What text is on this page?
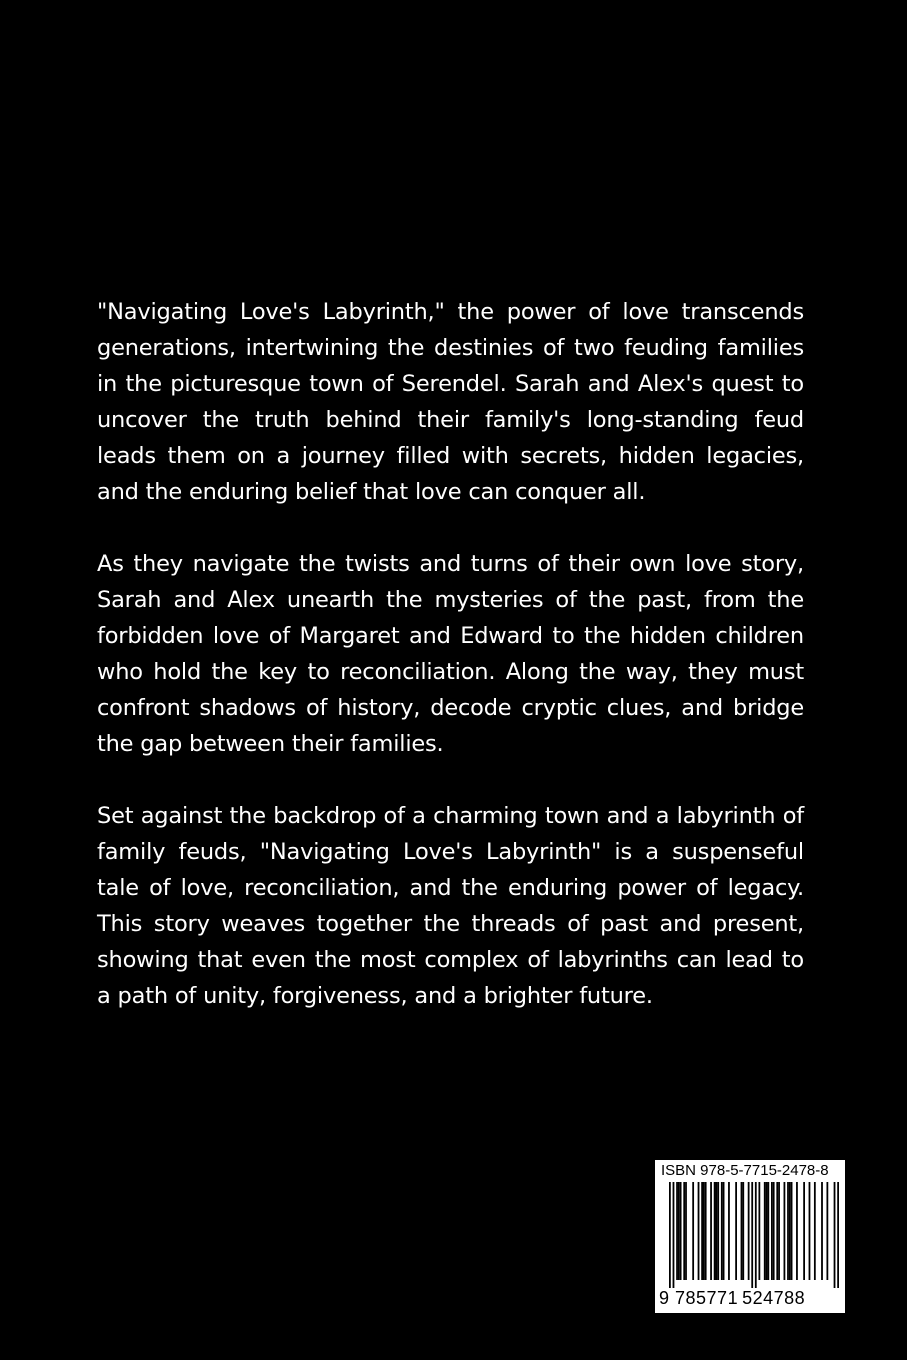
"Navigating Love's Labyrinth," the power of love transcends generations, intertwining the destinies of two feuding families in the picturesque town of Serendel. Sarah and Alex's quest to uncover the truth behind their family's long-standing feud leads them on a journey filled with secrets, hidden legacies, and the enduring belief that love can conquer all.

As they navigate the twists and turns of their own love story, Sarah and Alex unearth the mysteries of the past, from the forbidden love of Margaret and Edward to the hidden children who hold the key to reconciliation. Along the way, they must confront shadows of history, decode cryptic clues, and bridge the gap between their families.

Set against the backdrop of a charming town and a labyrinth of family feuds, "Navigating Love's Labyrinth" is a suspenseful tale of love, reconciliation, and the enduring power of legacy. This story weaves together the threads of past and present, showing that even the most complex of labyrinths can lead to a path of unity, forgiveness, and a brighter future.

ISBN 978-5-7715-2478-8
9 785771 524788
